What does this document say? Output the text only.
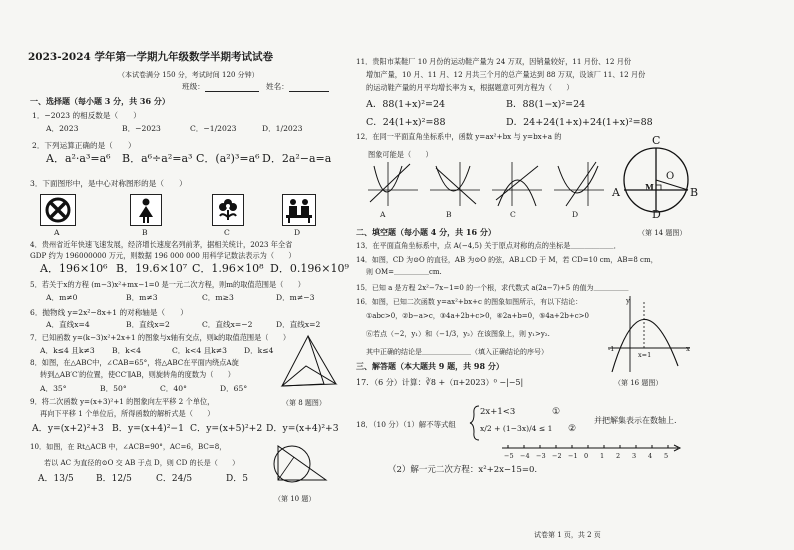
2023-2024 学年第一学期九年级数学半期考试试卷
（本试卷满分 150 分，考试时间 120 分钟）
班级：	姓名：
一、选择题（每小题 3 分，共 36 分）
1．−2023 的相反数是（　　）
A．2023	B．−2023	C．−1/2023	D．1/2023
2．下列运算正确的是（　　）
A．a²·a³=a⁶ B．a⁶÷a²=a³ C．(a²)³=a⁶ D．2a²−a=a
3．下面图形中，是中心对称图形的是（　　）
A	B	C	D
4．贵州省近年快速飞速发展，经济增长速度名列前茅，据相关统计，2023 年全省
GDP 约为 196000000 万元，则数据 196 000 000 用科学记数法表示为（　　）
A．196×10⁶ B．19.6×10⁷ C．1.96×10⁸ D．0.196×10⁹
5．若关于x的方程 (m−3)x²+mx−1=0 是一元二次方程，则m的取值范围是（　　）
A．m≠0	B．m≠3	C．m≥3	D．m≠−3
6．抛物线 y=2x²−8x+1 的对称轴是（　　）
A．直线x=4	B．直线x=2	C．直线x=−2	D．直线x=2
7．已知函数 y=(k−3)x²+2x+1 的图象与x轴有交点，则k的取值范围是（　　）
A．k≤4 且k≠3 B．k<4	C．k<4 且k≠3 D．k≤4
8．如图，在△ABC中，∠CAB=65°，将△ABC在平面内绕点A旋
转到△AB′C′的位置，使CC′∥AB，则旋转角的度数为（　　）
A．35°	B．50°	C．40°	D．65°
（第 8 题图）
9．将二次函数 y=(x+3)²+1 的图象向左平移 2 个单位，
再向下平移 1 个单位后，所得函数的解析式是（　　）
A．y=(x+2)²+3 B．y=(x+4)²−1 C．y=(x+5)²+2 D．y=(x+4)²+3
10．如图，在 Rt△ACB 中，∠ACB=90°，AC=6，BC=8，
若以 AC 为直径的⊙O 交 AB 于点 D，则 CD 的长是（　　）
A．13/5 B．12/5	C．24/5	D．5
（第 10 题）
11．贵阳市某鞋厂 10 月份的运动鞋产量为 24 万双，因销量较好，11 月份、12 月份
增加产量，10 月、11 月、12 月共三个月的总产量达到 88 万双，设该厂 11、12 月份
的运动鞋产量的月平均增长率为 x，根据题意可列方程为（　　）
A．88(1+x)²=24	B．88(1−x)²=24
C．24(1+x)²=88	D．24+24(1+x)+24(1+x)²=88
12．在同一平面直角坐标系中，函数 y=ax²+bx 与 y=bx+a 的
图象可能是（　　）
A	B	C	D
C
O
M
A	B
D
（第 14 题图）
二、填空题（每小题 4 分，共 16 分）
13．在平面直角坐标系中，点 A(−4,5) 关于原点对称的点的坐标是＿＿＿＿＿＿．
14．如图，CD 为⊙O 的直径，AB 为⊙O 的弦，AB⊥CD 于 M，若 CD=10 cm，AB=8 cm，
则 OM=＿＿＿＿＿cm.
15．已知 a 是方程 2x²−7x−1=0 的一个根，求代数式 a(2a−7)+5 的值为＿＿＿＿＿
16．如图，已知二次函数 y=ax²+bx+c 的图象如图所示，有以下结论：
①abc>0，②b−a>c，③4a+2b+c>0，④2a+b=0，⑤4a+2b+c>0
⑥若点（−2，y₁）和（−1/3，y₂）在该图象上，则 y₁>y₂.
其中正确的结论是＿＿＿＿＿＿＿（填入正确结论的序号）
y
x
-1
x=1
（第 16 题图）
三、解答题（本大题共 9 题，共 98 分）
17．（6 分）计算：∛8 +（π+2023）⁰ −|−5|
18．（10 分）（1）解不等式组
2x+1<3
x/2 + (1−3x)/4 ≤ 1
①
②
并把解集表示在数轴上.
−5 −4 −3 −2 −1 0 1 2 3 4 5
（2）解一元二次方程：x²+2x−15=0.
试卷第 1 页，共 2 页
